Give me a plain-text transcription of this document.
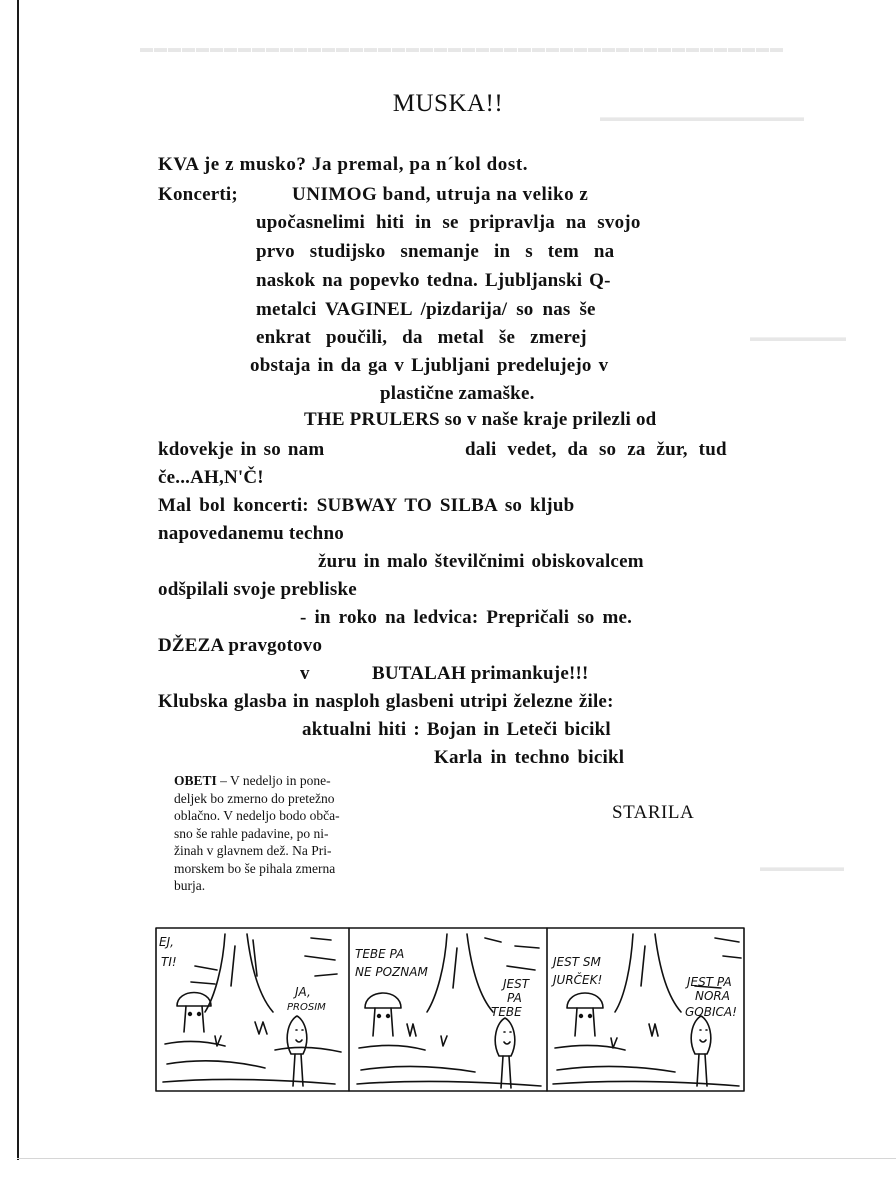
▬▬▬▬▬▬▬▬▬▬▬▬▬▬▬▬▬▬▬▬▬▬▬▬▬▬▬▬▬▬▬▬▬▬▬▬▬▬▬▬▬▬▬▬▬▬
▬▬▬▬▬▬▬▬▬▬▬▬▬▬▬▬▬
▬▬▬▬▬▬▬▬
▬▬▬▬▬▬▬
MUSKA!!
KVA je z musko? Ja premal, pa n´kol dost.
Koncerti;	UNIMOG band, utruja na veliko z
upočasnelimi hiti in se pripravlja na svojo
prvo studijsko snemanje in s tem na
naskok na popevko tedna. Ljubljanski Q-
metalci VAGINEL /pizdarija/ so nas še
enkrat poučili, da metal še zmerej
obstaja in da ga v Ljubljani predelujejo v
plastične zamaške.
THE PRULERS so v naše kraje prilezli od
kdovekje in so nam	dali vedet, da so za žur, tud
če...AH,N'Č!
Mal bol koncerti: SUBWAY TO SILBA so kljub
napovedanemu techno
žuru in malo številčnimi obiskovalcem
odšpilali svoje prebliske
- in roko na ledvica: Prepričali so me.
DŽEZA pravgotovo
v	BUTALAH primankuje!!!
Klubska glasba in nasploh glasbeni utripi železne žile:
aktualni hiti : Bojan in Leteči bicikl
Karla in techno bicikl
STARILA
OBETI – V nedeljo in pone-
deljek bo zmerno do pretežno
oblačno. V nedeljo bodo obča-
sno še rahle padavine, po ni-
žinah v glavnem dež. Na Pri-
morskem bo še pihala zmerna
burja.
EJ,
TI!
JA,
PROSIM
TEBE PA
NE POZNAM
JEST
PA
TEBE
JEST SM
JURČEK!	JEST PA
NORA
GOBICA!
